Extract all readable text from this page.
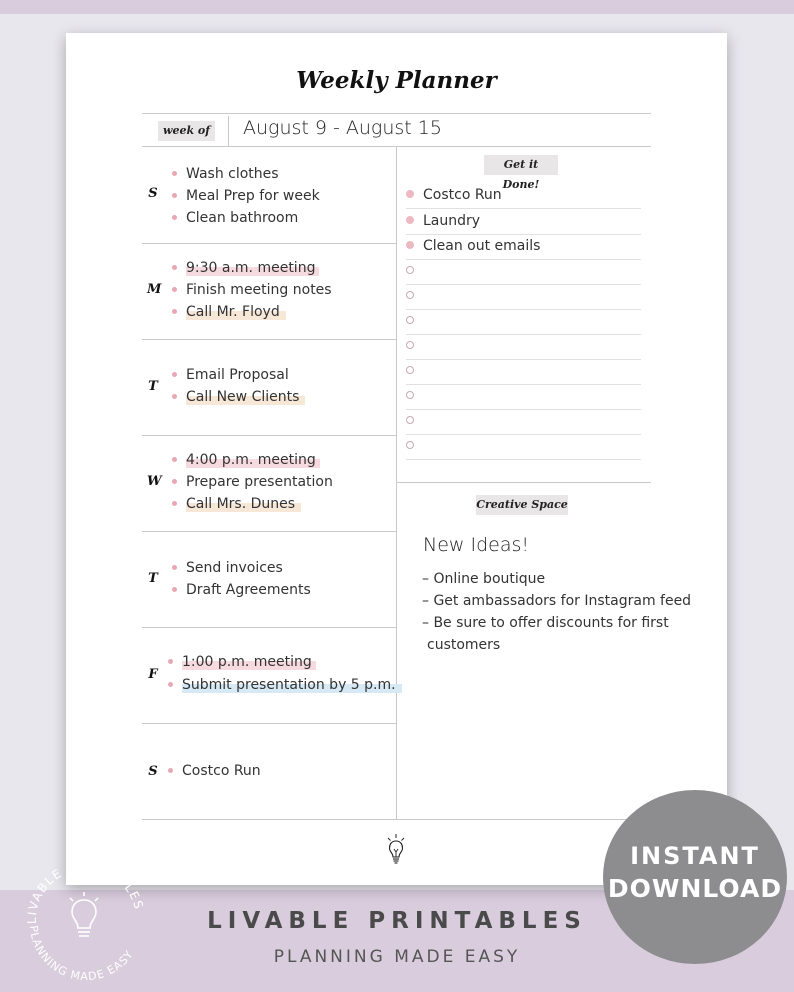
Weekly Planner
week of August 9 - August 15
S
Wash clothes
Meal Prep for week
Clean bathroom
M
9:30 a.m. meeting
Finish meeting notes
Call Mr. Floyd
T
Email Proposal
Call New Clients
W
4:00 p.m. meeting
Prepare presentation
Call Mrs. Dunes
T
Send invoices
Draft Agreements
F
1:00 p.m. meeting
Submit presentation by 5 p.m.
S	Costco Run
Get it Done!
Costco Run
Laundry
Clean out emails
Creative Space
New Ideas!
– Online boutique
– Get ambassadors for Instagram feed
– Be sure to offer discounts for first
customers
LIVABLE PRINTABLES
PLANNING MADE EASY
INSTANT
DOWNLOAD
LIVABLE PRINTABLES
PLANNING MADE EASY
